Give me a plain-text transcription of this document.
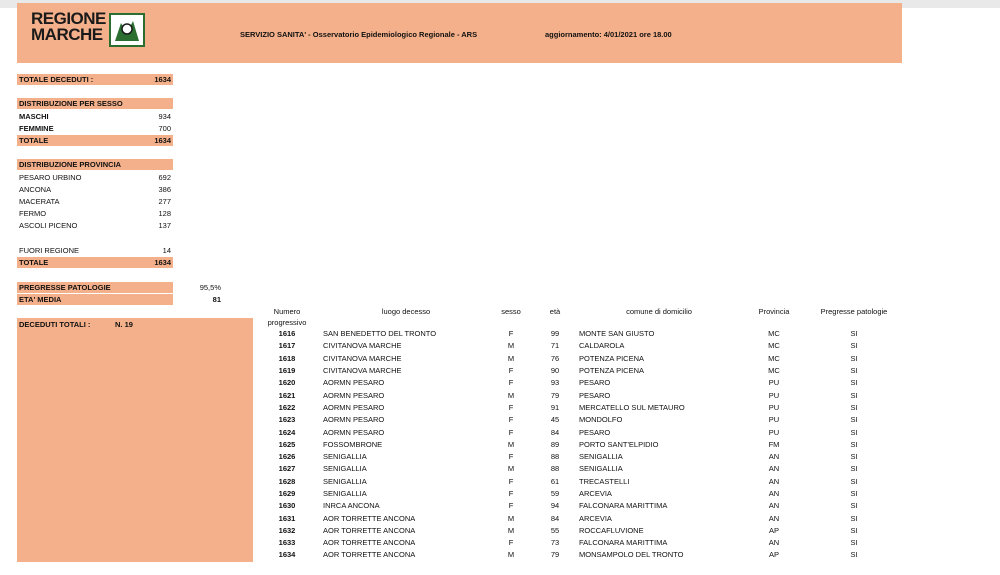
REGIONE
MARCHE	SERVIZIO SANITA' - Osservatorio Epidemiologico Regionale - ARS	aggiornamento: 4/01/2021 ore 18.00
TOTALE DECEDUTI :	1634
DISTRIBUZIONE PER SESSO
MASCHI	934
FEMMINE	700
TOTALE	1634
DISTRIBUZIONE PROVINCIA
PESARO URBINO	692
ANCONA	386
MACERATA	277
FERMO	128
ASCOLI PICENO	137
FUORI REGIONE	14
TOTALE	1634
PREGRESSE PATOLOGIE	95,5%
ETA' MEDIA	81
DECEDUTI TOTALI :	N. 19
Numero progressivo	luogo decesso	sesso	età	comune di domicilio	Provincia	Pregresse patologie
1616	SAN BENEDETTO DEL TRONTO	F	99	MONTE SAN GIUSTO	MC	SI
1617	CIVITANOVA MARCHE	M	71	CALDAROLA	MC	SI
1618	CIVITANOVA MARCHE	M	76	POTENZA PICENA	MC	SI
1619	CIVITANOVA MARCHE	F	90	POTENZA PICENA	MC	SI
1620	AORMN PESARO	F	93	PESARO	PU	SI
1621	AORMN PESARO	M	79	PESARO	PU	SI
1622	AORMN PESARO	F	91	MERCATELLO SUL METAURO	PU	SI
1623	AORMN PESARO	F	45	MONDOLFO	PU	SI
1624	AORMN PESARO	F	84	PESARO	PU	SI
1625	FOSSOMBRONE	M	89	PORTO SANT'ELPIDIO	FM	SI
1626	SENIGALLIA	F	88	SENIGALLIA	AN	SI
1627	SENIGALLIA	M	88	SENIGALLIA	AN	SI
1628	SENIGALLIA	F	61	TRECASTELLI	AN	SI
1629	SENIGALLIA	F	59	ARCEVIA	AN	SI
1630	INRCA ANCONA	F	94	FALCONARA MARITTIMA	AN	SI
1631	AOR TORRETTE ANCONA	M	84	ARCEVIA	AN	SI
1632	AOR TORRETTE ANCONA	M	55	ROCCAFLUVIONE	AP	SI
1633	AOR TORRETTE ANCONA	F	73	FALCONARA MARITTIMA	AN	SI
1634	AOR TORRETTE ANCONA	M	79	MONSAMPOLO DEL TRONTO	AP	SI
